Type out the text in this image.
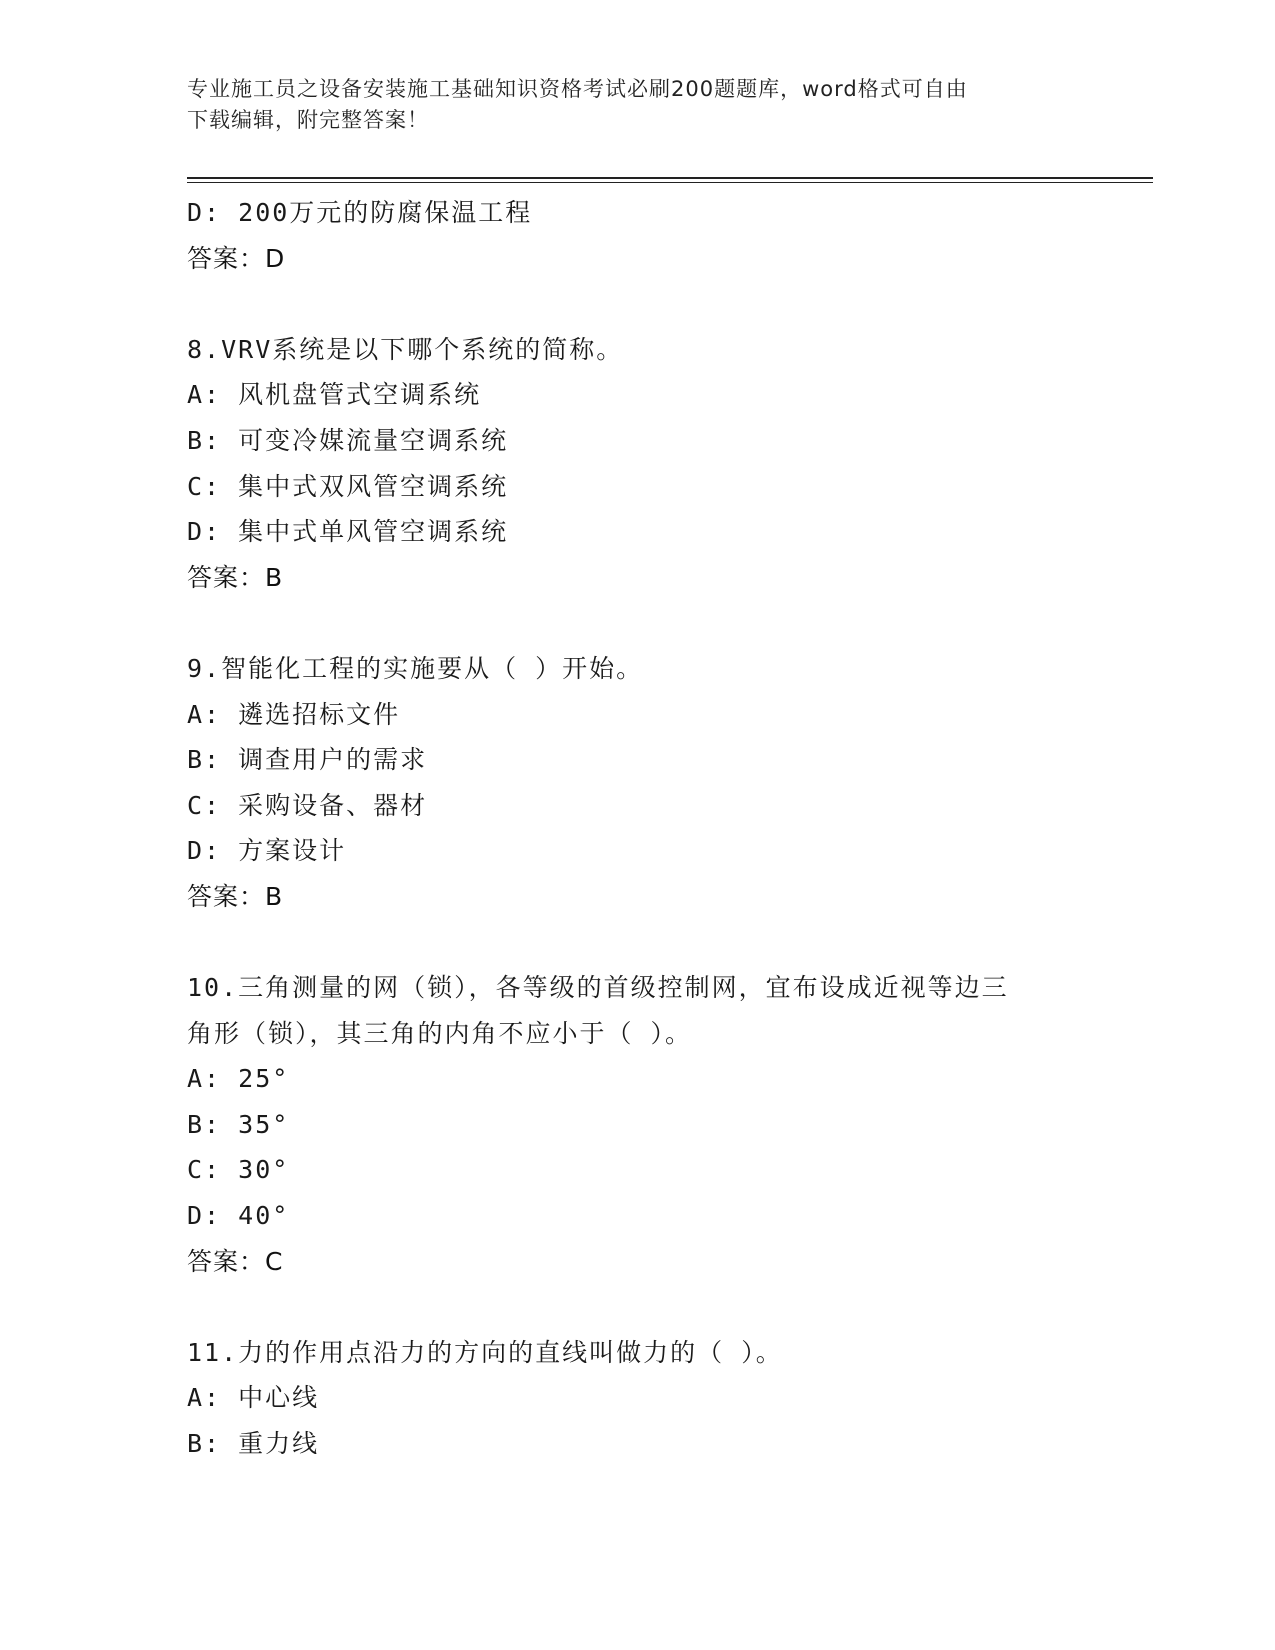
专业施工员之设备安装施工基础知识资格考试必刷200题题库，word格式可自由
下载编辑，附完整答案！
D: 200万元的防腐保温工程
答案：D
8.VRV系统是以下哪个系统的简称。
A: 风机盘管式空调系统
B: 可变冷媒流量空调系统
C: 集中式双风管空调系统
D: 集中式单风管空调系统
答案：B
9.智能化工程的实施要从（ ）开始。
A: 遴选招标文件
B: 调查用户的需求
C: 采购设备、器材
D: 方案设计
答案：B
10.三角测量的网（锁），各等级的首级控制网，宜布设成近视等边三
角形（锁），其三角的内角不应小于（ ）。
A: 25°
B: 35°
C: 30°
D: 40°
答案：C
11.力的作用点沿力的方向的直线叫做力的（ ）。
A: 中心线
B: 重力线
